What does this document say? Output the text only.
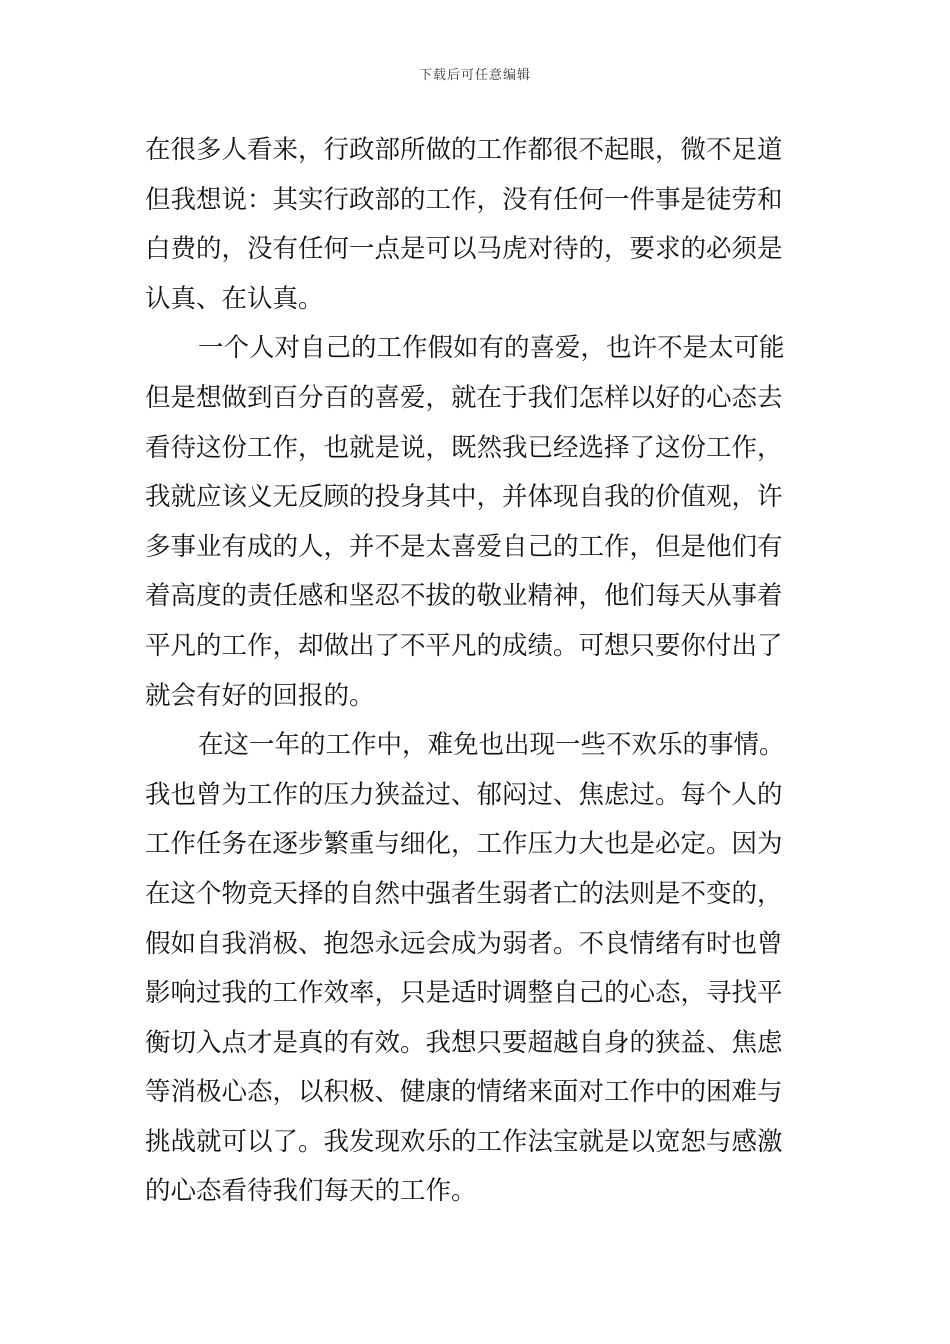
下载后可任意编辑
在很多人看来，行政部所做的工作都很不起眼，微不足道
但我想说：其实行政部的工作，没有任何一件事是徒劳和
白费的，没有任何一点是可以马虎对待的，要求的必须是
认真、在认真。
一个人对自己的工作假如有的喜爱，也许不是太可能
但是想做到百分百的喜爱，就在于我们怎样以好的心态去
看待这份工作，也就是说，既然我已经选择了这份工作，
我就应该义无反顾的投身其中，并体现自我的价值观，许
多事业有成的人，并不是太喜爱自己的工作，但是他们有
着高度的责任感和坚忍不拔的敬业精神，他们每天从事着
平凡的工作，却做出了不平凡的成绩。可想只要你付出了
就会有好的回报的。
在这一年的工作中，难免也出现一些不欢乐的事情。
我也曾为工作的压力狭益过、郁闷过、焦虑过。每个人的
工作任务在逐步繁重与细化，工作压力大也是必定。因为
在这个物竞天择的自然中强者生弱者亡的法则是不变的，
假如自我消极、抱怨永远会成为弱者。不良情绪有时也曾
影响过我的工作效率，只是适时调整自己的心态，寻找平
衡切入点才是真的有效。我想只要超越自身的狭益、焦虑
等消极心态，以积极、健康的情绪来面对工作中的困难与
挑战就可以了。我发现欢乐的工作法宝就是以宽恕与感激
的心态看待我们每天的工作。
